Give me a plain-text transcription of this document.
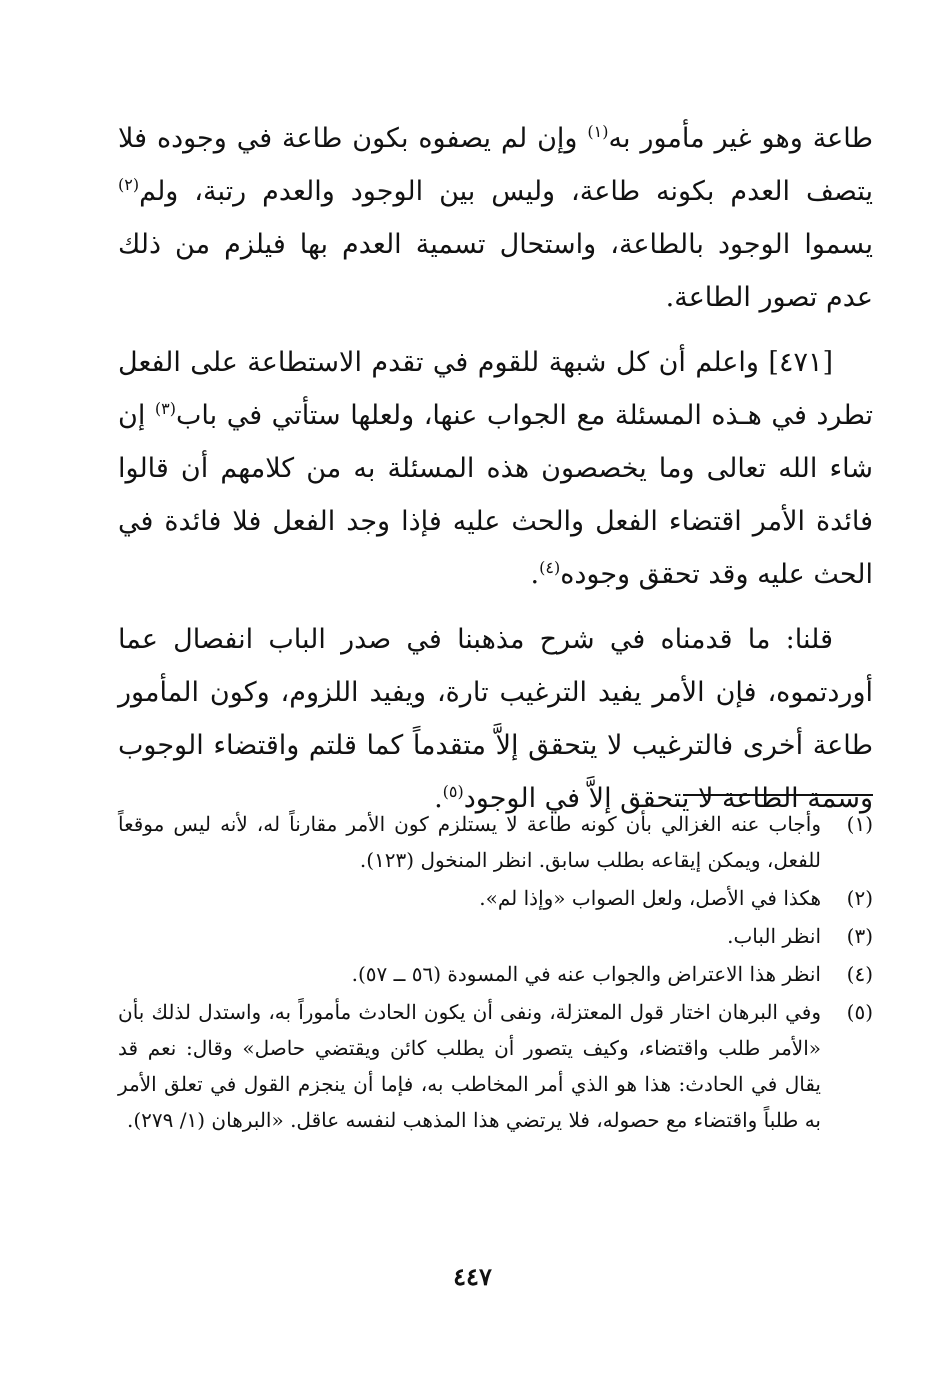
طاعة وهو غير مأمور به$^{(١)}$ وإن لم يصفوه بكون طاعة في وجوده فلا يتصف العدم بكونه طاعة، وليس بين الوجود والعدم رتبة، ولم$^{(٢)}$ يسموا الوجود بالطاعة، واستحال تسمية العدم بها فيلزم من ذلك عدم تصور الطاعة.

[٤٧١] واعلم أن كل شبهة للقوم في تقدم الاستطاعة على الفعل تطرد في هـذه المسئلة مع الجواب عنها، ولعلها ستأتي في باب$^{(٣)}$ إن شاء الله تعالى وما يخصصون هذه المسئلة به من كلامهم أن قالوا فائدة الأمر اقتضاء الفعل والحث عليه فإذا وجد الفعل فلا فائدة في الحث عليه وقد تحقق وجوده$^{(٤)}$.

قلنا: ما قدمناه في شرح مذهبنا في صدر الباب انفصال عما أوردتموه، فإن الأمر يفيد الترغيب تارة، ويفيد اللزوم، وكون المأمور طاعة أخرى فالترغيب لا يتحقق إلاَّ متقدماً كما قلتم واقتضاء الوجوب وسمة الطاعة لا يتحقق إلاَّ في الوجود$^{(٥)}$.

(١)
وأجاب عنه الغزالي بأن كونه طاعة لا يستلزم كون الأمر مقارناً له، لأنه ليس موقعاً للفعل، ويمكن إيقاعه بطلب سابق. انظر المنخول (١٢٣).
(٢)
هكذا في الأصل، ولعل الصواب «وإذا لم».
(٣)
انظر الباب.
(٤)
انظر هذا الاعتراض والجواب عنه في المسودة (٥٦ ــ ٥٧).
(٥)
وفي البرهان اختار قول المعتزلة، ونفى أن يكون الحادث مأموراً به، واستدل لذلك بأن «الأمر طلب واقتضاء، وكيف يتصور أن يطلب كائن ويقتضي حاصل» وقال: نعم قد يقال في الحادث: هذا هو الذي أمر المخاطب به، فإما أن ينجزم القول في تعلق الأمر به طلباً واقتضاء مع حصوله، فلا يرتضي هذا المذهب لنفسه عاقل. «البرهان (١/ ٢٧٩).
٤٤٧
